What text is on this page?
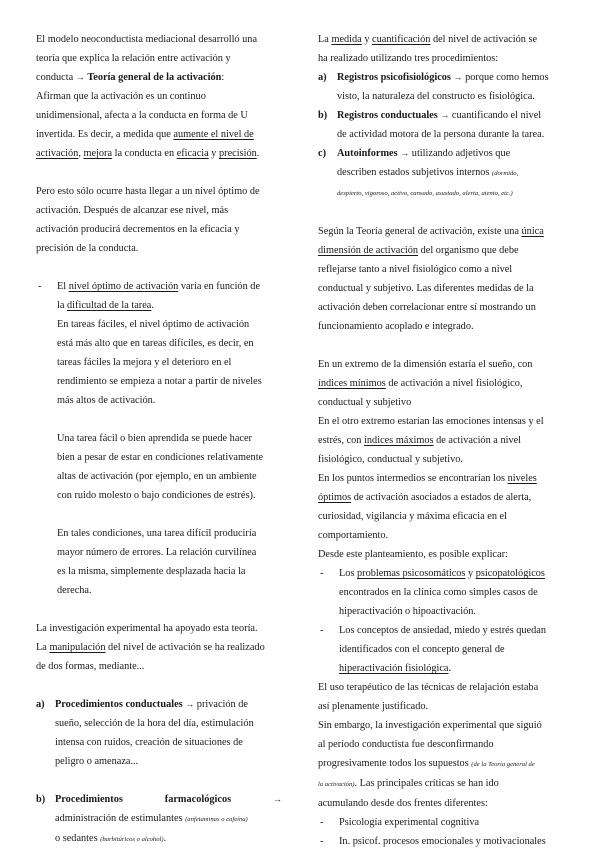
El modelo neoconductista mediacional desarrolló una

teoría que explica la relación entre activación y

conducta → Teoría general de la activación:

Afirman que la activación es un continuo

unidimensional, afecta a la conducta en forma de U

invertida. Es decir, a medida que aumente el nivel de

activación, mejora la conducta en eficacia y precisión.

Pero esto sólo ocurre hasta llegar a un nivel óptimo de

activación. Después de alcanzar ese nivel, más

activación producirá decrementos en la eficacia y

precisión de la conducta.

- El nivel óptimo de activación varía en función de

la dificultad de la tarea.

En tareas fáciles, el nivel óptimo de activación

está más alto que en tareas difíciles, es decir, en

tareas fáciles la mejora y el deterioro en el

rendimiento se empieza a notar a partir de niveles

más altos de activación.

Una tarea fácil o bien aprendida se puede hacer

bien a pesar de estar en condiciones relativamente

altas de activación (por ejemplo, en un ambiente

con ruido molesto o bajo condiciones de estrés).

En tales condiciones, una tarea difícil produciría

mayor número de errores. La relación curvilínea

es la misma, simplemente desplazada hacia la

derecha.

La investigación experimental ha apoyado esta teoría.

La manipulación del nivel de activación se ha realizado

de dos formas, mediante...

a) Procedimientos conductuales → privación de

sueño, selección de la hora del día, estimulación

intensa con ruidos, creación de situaciones de

peligro o amenaza...

b) Procedimientos	farmacológicos	→

administración de estimulantes (anfetaminas o cafeína)

o sedantes (barbitúricos o alcohol).

La medida y cuantificación del nivel de activación se

ha realizado utilizando tres procedimientos:

a) Registros psicofisiológicos → porque como hemos

visto, la naturaleza del constructo es fisiológica.

b) Registros conductuales → cuantificando el nivel

de actividad motora de la persona durante la tarea.

c) Autoinformes → utilizando adjetivos que

describen estados subjetivos internos (dormido,

despierto, vigoroso, activo, cansado, asustado, alerta, atento, etc.)

Según la Teoría general de activación, existe una única

dimensión de activación del organismo que debe

reflejarse tanto a nivel fisiológico como a nivel

conductual y subjetivo. Las diferentes medidas de la

activación deben correlacionar entre sí mostrando un

funcionamiento acoplado e integrado.

En un extremo de la dimensión estaría el sueño, con

índices mínimos de activación a nivel fisiológico,

conductual y subjetivo

En el otro extremo estarían las emociones intensas y el

estrés, con índices máximos de activación a nivel

fisiológico, conductual y subjetivo.

En los puntos intermedios se encontrarían los niveles

óptimos de activación asociados a estados de alerta,

curiosidad, vigilancia y máxima eficacia en el

comportamiento.

Desde este planteamiento, es posible explicar:

- Los problemas psicosomáticos y psicopatológicos

encontrados en la clínica como simples casos de

hiperactivación o hipoactivación.

- Los conceptos de ansiedad, miedo y estrés quedan

identificados con el concepto general de

hiperactivación fisiológica.

El uso terapéutico de las técnicas de relajación estaba

así plenamente justificado.

Sin embargo, la investigación experimental que siguió

al período conductista fue desconfirmando

progresivamente todos los supuestos (de la Teoría general de

la activación). Las principales críticas se han ido

acumulando desde dos frentes diferentes:

- Psicología experimental cognitiva

- In. psicof. procesos emocionales y motivacionales
